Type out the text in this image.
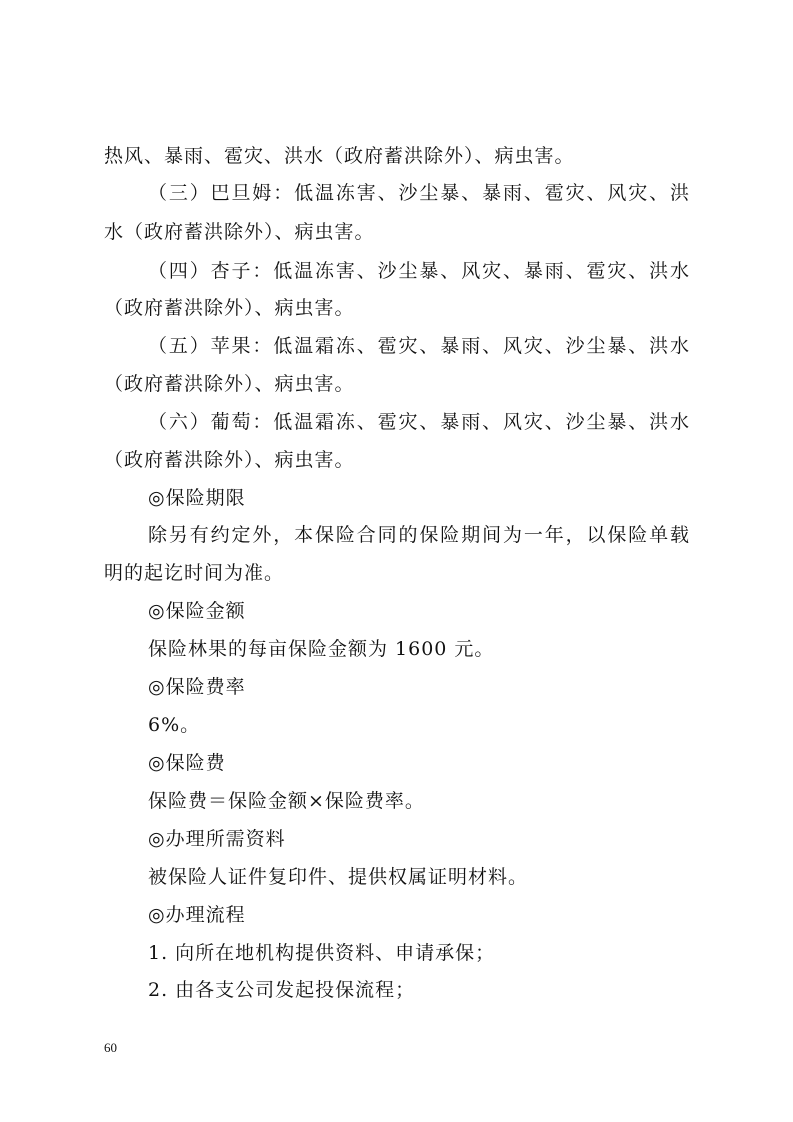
热风、暴雨、雹灾、洪水（政府蓄洪除外）、病虫害。
（三）巴旦姆：低温冻害、沙尘暴、暴雨、雹灾、风灾、洪
水（政府蓄洪除外）、病虫害。
（四）杏子：低温冻害、沙尘暴、风灾、暴雨、雹灾、洪水
（政府蓄洪除外）、病虫害。
（五）苹果：低温霜冻、雹灾、暴雨、风灾、沙尘暴、洪水
（政府蓄洪除外）、病虫害。
（六）葡萄：低温霜冻、雹灾、暴雨、风灾、沙尘暴、洪水
（政府蓄洪除外）、病虫害。
◎保险期限
除另有约定外，本保险合同的保险期间为一年，以保险单载
明的起讫时间为准。
◎保险金额
保险林果的每亩保险金额为 1600 元。
◎保险费率
6%。
◎保险费
保险费＝保险金额×保险费率。
◎办理所需资料
被保险人证件复印件、提供权属证明材料。
◎办理流程
1. 向所在地机构提供资料、申请承保；
2. 由各支公司发起投保流程；
60
